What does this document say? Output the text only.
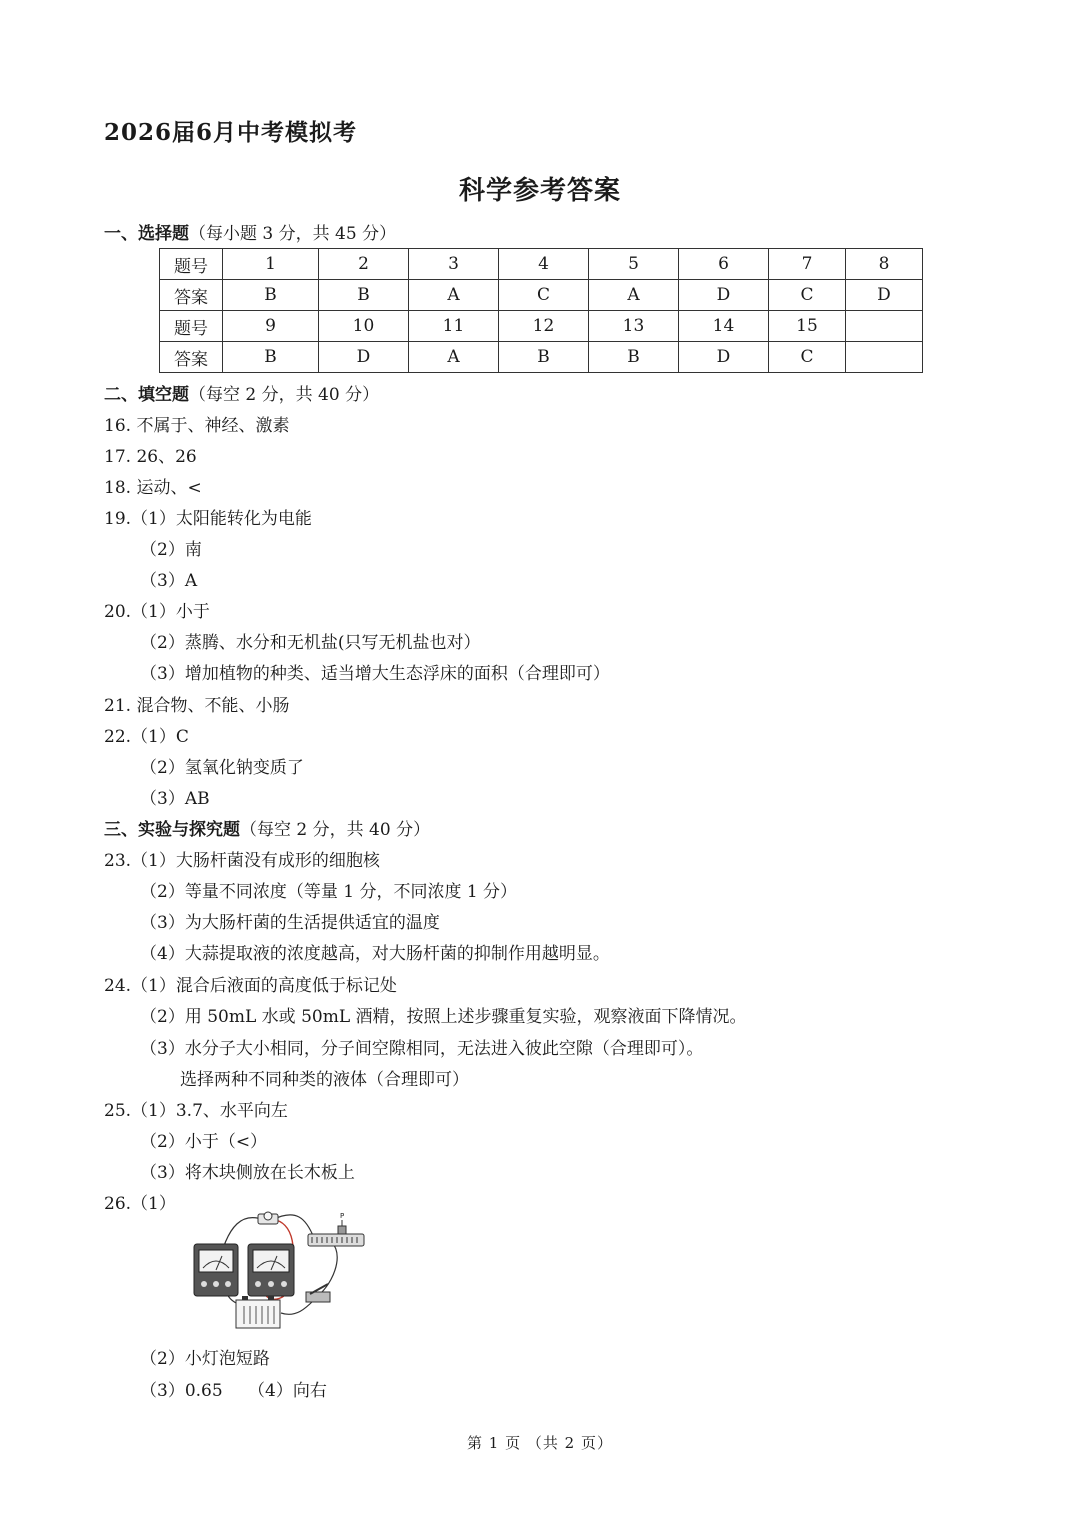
2026届6月中考模拟考
科学参考答案
一、选择题（每小题 3 分，共 45 分）
题号	1	2	3	4	5	6	7	8
答案	B	B	A	C	A	D	C	D
题号	9	10	11	12	13	14	15	
答案	B	D	A	B	B	D	C	
二、填空题（每空 2 分，共 40 分）
16. 不属于、神经、激素
17. 26、26
18. 运动、<
19.（1）太阳能转化为电能
（2）南
（3）A
20.（1）小于
（2）蒸腾、水分和无机盐(只写无机盐也对）
（3）增加植物的种类、适当增大生态浮床的面积（合理即可）
21. 混合物、不能、小肠
22.（1）C
（2）氢氧化钠变质了
（3）AB
三、实验与探究题（每空 2 分，共 40 分）
23.（1）大肠杆菌没有成形的细胞核
（2）等量不同浓度（等量 1 分，不同浓度 1 分）
（3）为大肠杆菌的生活提供适宜的温度
（4）大蒜提取液的浓度越高，对大肠杆菌的抑制作用越明显。
24.（1）混合后液面的高度低于标记处
（2）用 50mL 水或 50mL 酒精，按照上述步骤重复实验，观察液面下降情况。
（3）水分子大小相同，分子间空隙相同，无法进入彼此空隙（合理即可）。
选择两种不同种类的液体（合理即可）
25.（1）3.7、水平向左
（2）小于（<）
（3）将木块侧放在长木板上
26.（1）
P
（2）小灯泡短路
（3）0.65 （4）向右
第 1 页 （共 2 页）
